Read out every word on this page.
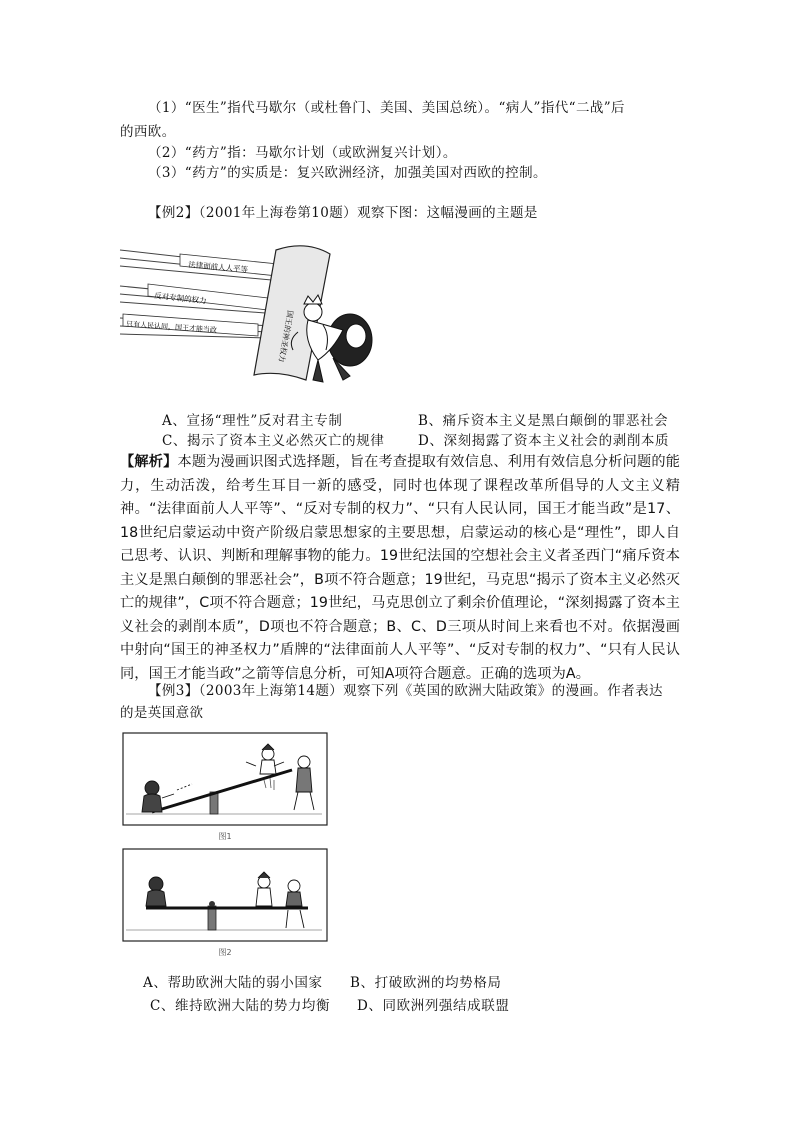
（1）“医生”指代马歇尔（或杜鲁门、美国、美国总统）。“病人”指代“二战”后
的西欧。
（2）“药方”指：马歇尔计划（或欧洲复兴计划）。
（3）“药方”的实质是：复兴欧洲经济，加强美国对西欧的控制。
【例2】（2001年上海卷第10题）观察下图：这幅漫画的主题是
法律面前人人平等
反对专制的权力
只有人民认同，国王才能当政	国王的神圣权力
A、宣扬“理性”反对君主专制	B、痛斥资本主义是黑白颠倒的罪恶社会
C、揭示了资本主义必然灭亡的规律 D、深刻揭露了资本主义社会的剥削本质
【解析】本题为漫画识图式选择题，旨在考查提取有效信息、利用有效信息分析问题的能力，生动活泼，给考生耳目一新的感受，同时也体现了课程改革所倡导的人文主义精神。“法律面前人人平等”、“反对专制的权力”、“只有人民认同，国王才能当政”是17、18世纪启蒙运动中资产阶级启蒙思想家的主要思想，启蒙运动的核心是“理性”，即人自己思考、认识、判断和理解事物的能力。19世纪法国的空想社会主义者圣西门“痛斥资本主义是黑白颠倒的罪恶社会”，B项不符合题意；19世纪，马克思“揭示了资本主义必然灭亡的规律”，C项不符合题意；19世纪，马克思创立了剩余价值理论，“深刻揭露了资本主义社会的剥削本质”，D项也不符合题意；B、C、D三项从时间上来看也不对。依据漫画中射向“国王的神圣权力”盾牌的“法律面前人人平等”、“反对专制的权力”、“只有人民认同，国王才能当政”之箭等信息分析，可知A项符合题意。正确的选项为A。
【例3】（2003年上海第14题）观察下列《英国的欧洲大陆政策》的漫画。作者表达
的是英国意欲
图1
图2
A、帮助欧洲大陆的弱小国家 B、打破欧洲的均势格局
C、维持欧洲大陆的势力均衡 D、同欧洲列强结成联盟
